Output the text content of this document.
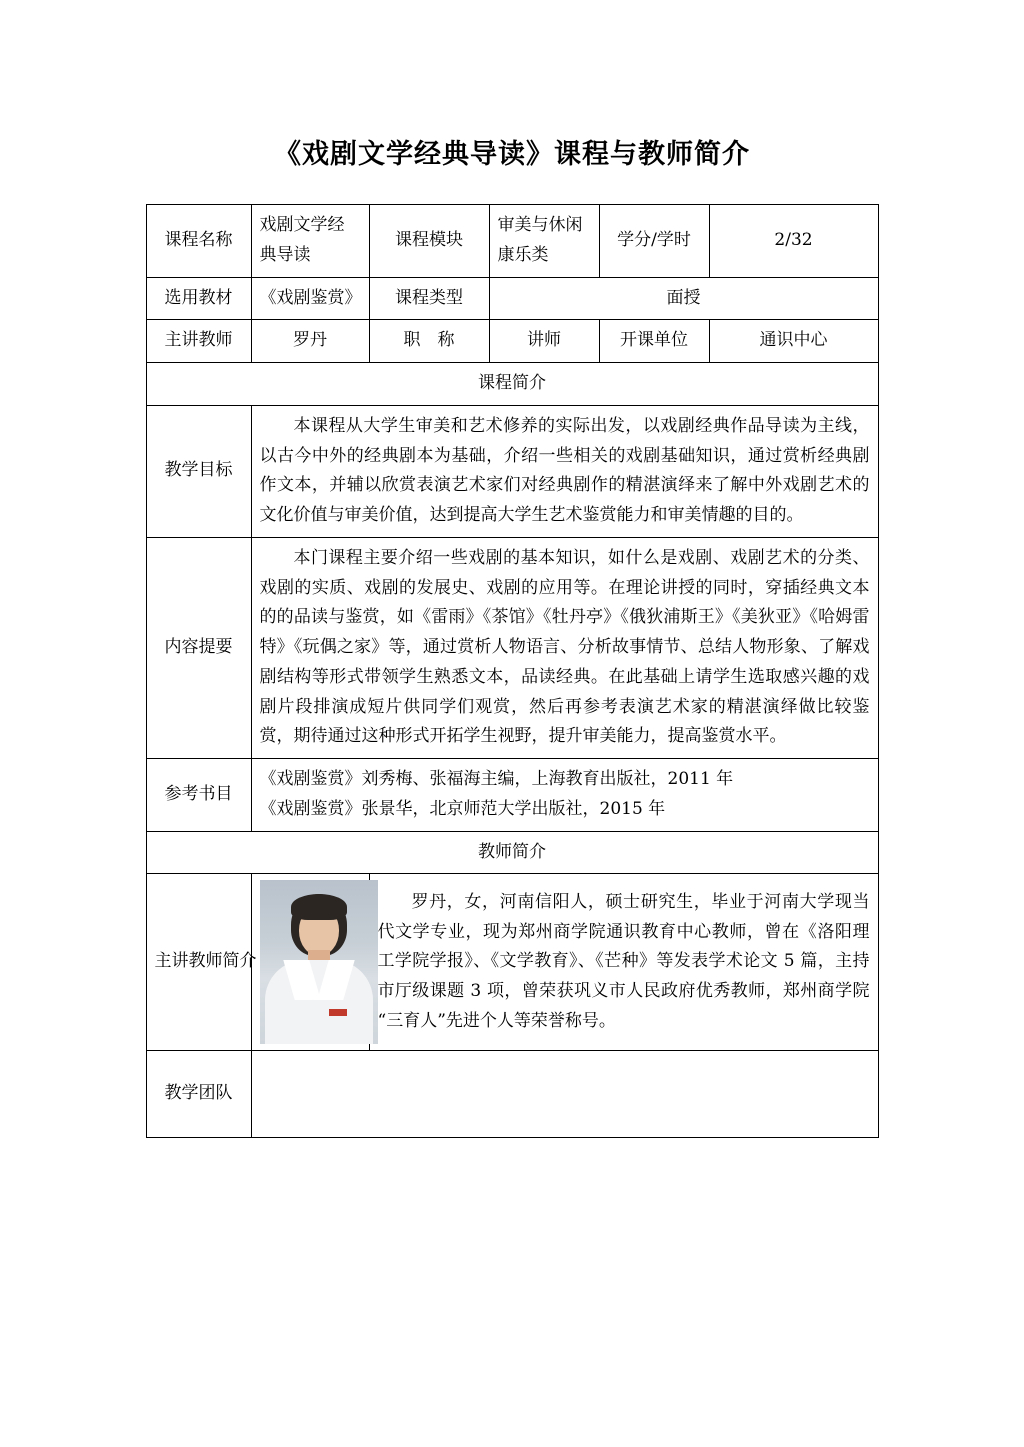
《戏剧文学经典导读》课程与教师简介
课程名称	戏剧文学经典导读	课程模块	审美与休闲康乐类	学分/学时	2/32
选用教材	《戏剧鉴赏》	课程类型	面授		
主讲教师	罗丹	职　称	讲师	开课单位	通识中心
课程简介					
教学目标	本课程从大学生审美和艺术修养的实际出发，以戏剧经典作品导读为主线，以古今中外的经典剧本为基础，介绍一些相关的戏剧基础知识，通过赏析经典剧作文本，并辅以欣赏表演艺术家们对经典剧作的精湛演绎来了解中外戏剧艺术的文化价值与审美价值，达到提高大学生艺术鉴赏能力和审美情趣的目的。				

内容提要	本门课程主要介绍一些戏剧的基本知识，如什么是戏剧、戏剧艺术的分类、戏剧的实质、戏剧的发展史、戏剧的应用等。在理论讲授的同时，穿插经典文本的的品读与鉴赏，如《雷雨》《茶馆》《牡丹亭》《俄狄浦斯王》《美狄亚》《哈姆雷特》《玩偶之家》等，通过赏析人物语言、分析故事情节、总结人物形象、了解戏剧结构等形式带领学生熟悉文本，品读经典。在此基础上请学生选取感兴趣的戏剧片段排演成短片供同学们观赏，然后再参考表演艺术家的精湛演绎做比较鉴赏，期待通过这种形式开拓学生视野，提升审美能力，提高鉴赏水平。				

参考书目	《戏剧鉴赏》刘秀梅、张福海主编，上海教育出版社，2011 年
《戏剧鉴赏》张景华，北京师范大学出版社，2015 年				

教师简介					
主讲教师简介		罗丹，女，河南信阳人，硕士研究生，毕业于河南大学现当代文学专业，现为郑州商学院通识教育中心教师，曾在《洛阳理工学院学报》、《文学教育》、《芒种》等发表学术论文 5 篇，主持市厅级课题 3 项，曾荣获巩义市人民政府优秀教师，郑州商学院“三育人”先进个人等荣誉称号。			

教学团队					
